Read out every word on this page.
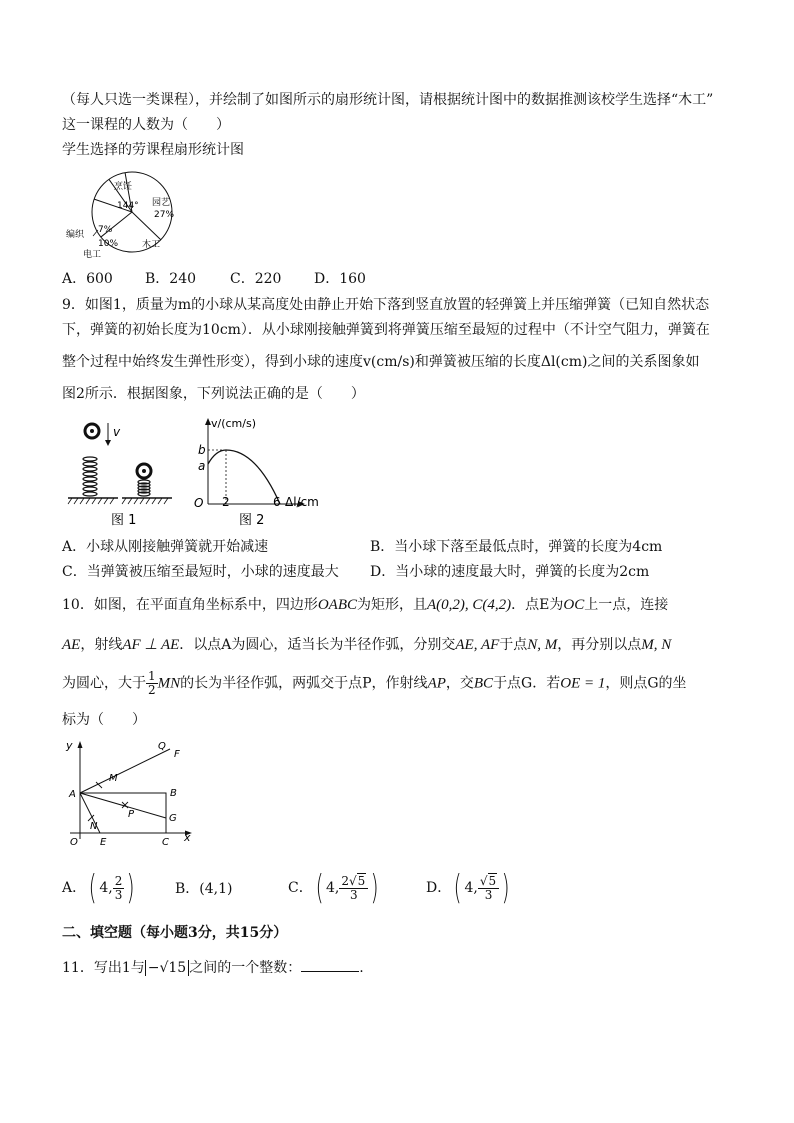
（每人只选一类课程），并绘制了如图所示的扇形统计图，请根据统计图中的数据推测该校学生选择“木工”
这一课程的人数为（　　）
学生选择的劳课程扇形统计图
烹饪
144° 园艺
27%
木工
电工
10%
编织 7%
A．600 B．240 C．220 D．160
9．如图1，质量为m的小球从某高度处由静止开始下落到竖直放置的轻弹簧上并压缩弹簧（已知自然状态
下，弹簧的初始长度为10cm）．从小球刚接触弹簧到将弹簧压缩至最短的过程中（不计空气阻力，弹簧在
整个过程中始终发生弹性形变），得到小球的速度v(cm/s)和弹簧被压缩的长度Δl(cm)之间的关系图象如
图2所示．根据图象，下列说法正确的是（　　）
v
图 1
v/(cm/s)
b
a
O 2	6 Δl/cm
图 2
A．小球从刚接触弹簧就开始减速	B．当小球下落至最低点时，弹簧的长度为4cm
C．当弹簧被压缩至最短时，小球的速度最大 D．当小球的速度最大时，弹簧的长度为2cm
10．如图，在平面直角坐标系中，四边形OABC为矩形，且A(0,2), C(4,2)．点E为OC上一点，连接
AE，射线AF ⊥ AE．以点A为圆心，适当长为半径作弧，分别交AE, AF于点N, M，再分别以点M, N
为圆心，大于 $\frac{1}{2}$ MN的长为半径作弧，两弧交于点P，作射线AP，交BC于点G．若OE = 1，则点G的坐
标为（　　）
y
x
Q
F
M
A	B
P
N
G
O E	C
A． ( 4, $\frac{2}{3}$ )	B．(4,1)	C． ( 4, $\frac{2√5}{3}$ )	D． ( 4, $\frac{√5}{3}$ )
二、填空题（每小题3分，共15分）
11．写出1与 −√15 之间的一个整数：	.
